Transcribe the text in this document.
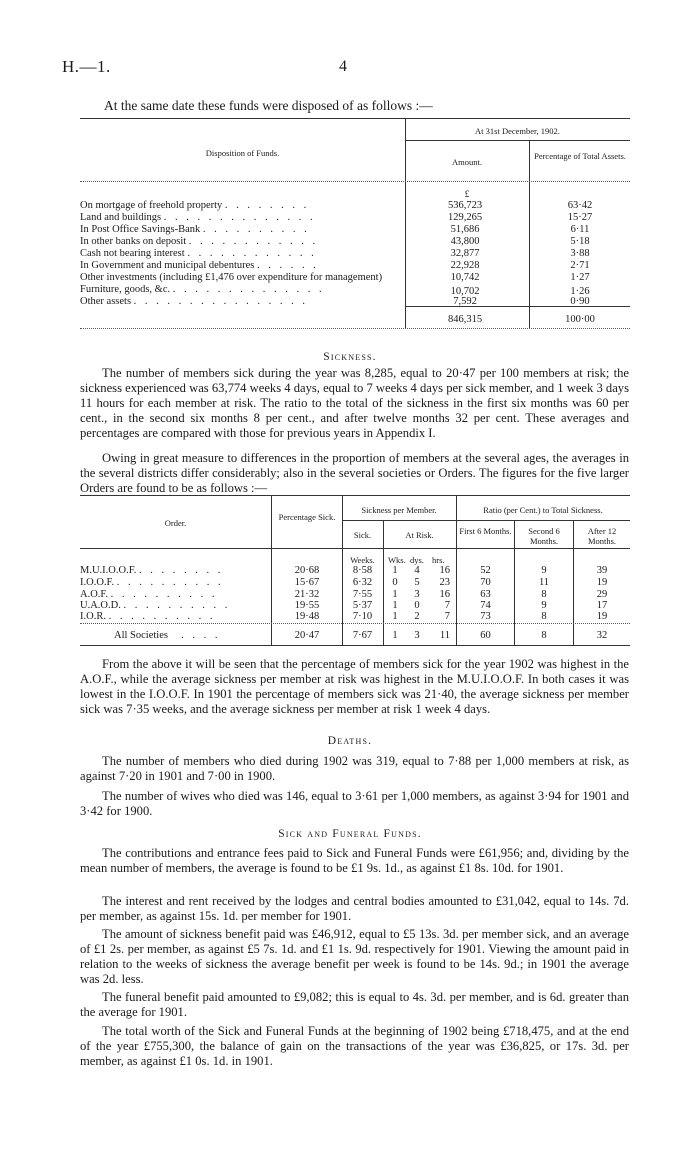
H.—1.	4
At the same date these funds were disposed of as follows :—
At 31st December, 1902.
Disposition of Funds.
Amount.
Percentage of Total Assets.
£
On mortgage of freehold property . . . . . . . .	536,723	63·42
Land and buildings . . . . . . . . . . . . . .	129,265	15·27
In Post Office Savings-Bank . . . . . . . . . .	51,686	6·11
In other banks on deposit . . . . . . . . . . . .	43,800	5·18
Cash not bearing interest . . . . . . . . . . . .	32,877	3·88
In Government and municipal debentures . . . . . .	22,928	2·71
Other investments (including £1,476 over expenditure for management)	10,742	1·27
Furniture, goods, &c. . . . . . . . . . . . . . .	10,702	1·26
Other assets . . . . . . . . . . . . . . . .	7,592	0·90
846,315	100·00
Sickness.

The number of members sick during the year was 8,285, equal to 20·47 per 100 members at risk; the sickness experienced was 63,774 weeks 4 days, equal to 7 weeks 4 days per sick member, and 1 week 3 days 11 hours for each member at risk. The ratio to the total of the sickness in the first six months was 60 per cent., in the second six months 8 per cent., and after twelve months 32 per cent. These averages and percentages are compared with those for previous years in Appendix I.

Owing in great measure to differences in the proportion of members at the several ages, the averages in the several districts differ considerably; also in the several societies or Orders. The figures for the five larger Orders are found to be as follows :—

Order.
Percentage Sick.
Sickness per Member.
Sick.	At Risk.
Ratio (per Cent.) to Total Sickness.
First 6 Months.	Second 6 Months.
After 12 Months.
Weeks.	Wks. dys. hrs.
M.U.I.O.O.F. . . . . . . . .	20·68	8·58	1	4	16	52	9	39
I.O.O.F. . . . . . . . . . .	15·67	6·32	0	5	23	70	11	19
A.O.F. . . . . . . . . . .	21·32	7·55	1	3	16	63	8	29
U.A.O.D. . . . . . . . . . .	19·55	5·37	1	0	7	74	9	17
I.O.R. . . . . . . . . . .	19·48	7·10	1	2	7	73	8	19
All Societies . . . .	20·47	7·67	1	3	11	60	8	32

From the above it will be seen that the percentage of members sick for the year 1902 was highest in the A.O.F., while the average sickness per member at risk was highest in the M.U.I.O.O.F. In both cases it was lowest in the I.O.O.F. In 1901 the percentage of members sick was 21·40, the average sickness per member sick was 7·35 weeks, and the average sickness per member at risk 1 week 4 days.

Deaths.

The number of members who died during 1902 was 319, equal to 7·88 per 1,000 members at risk, as against 7·20 in 1901 and 7·00 in 1900.

The number of wives who died was 146, equal to 3·61 per 1,000 members, as against 3·94 for 1901 and 3·42 for 1900.

Sick and Funeral Funds.

The contributions and entrance fees paid to Sick and Funeral Funds were £61,956; and, dividing by the mean number of members, the average is found to be £1 9s. 1d., as against £1 8s. 10d. for 1901.

The interest and rent received by the lodges and central bodies amounted to £31,042, equal to 14s. 7d. per member, as against 15s. 1d. per member for 1901.

The amount of sickness benefit paid was £46,912, equal to £5 13s. 3d. per member sick, and an average of £1 2s. per member, as against £5 7s. 1d. and £1 1s. 9d. respectively for 1901. Viewing the amount paid in relation to the weeks of sickness the average benefit per week is found to be 14s. 9d.; in 1901 the average was 2d. less.

The funeral benefit paid amounted to £9,082; this is equal to 4s. 3d. per member, and is 6d. greater than the average for 1901.

The total worth of the Sick and Funeral Funds at the beginning of 1902 being £718,475, and at the end of the year £755,300, the balance of gain on the transactions of the year was £36,825, or 17s. 3d. per member, as against £1 0s. 1d. in 1901.
